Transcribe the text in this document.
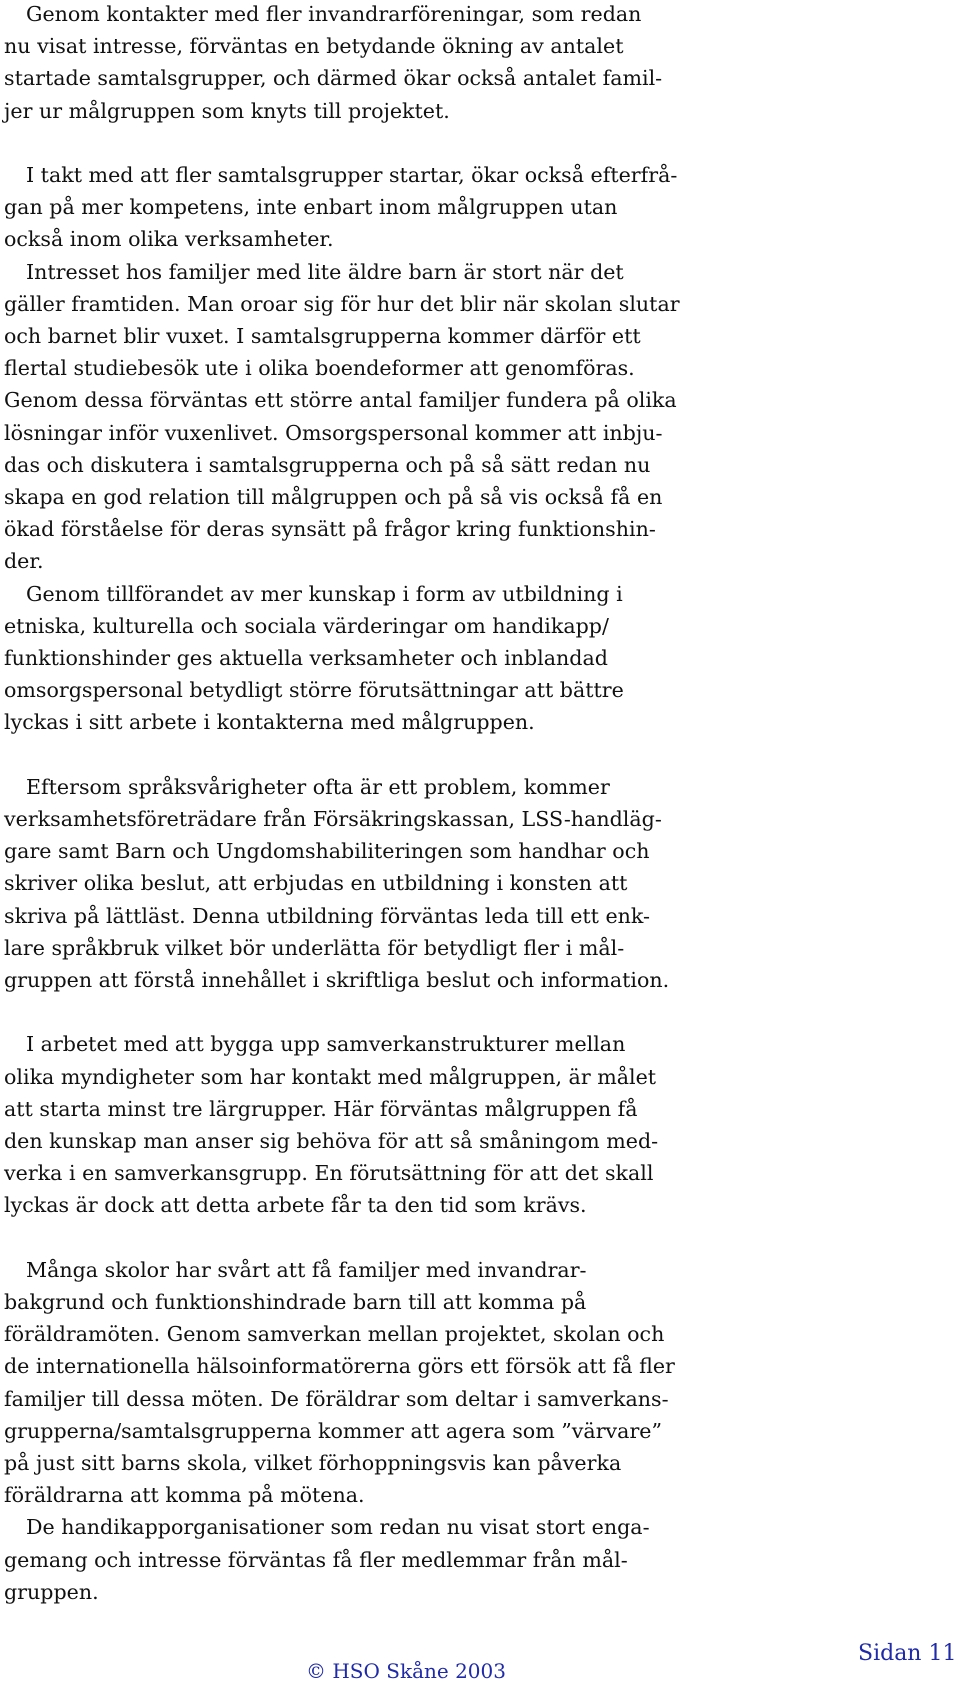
Genom kontakter med fler invandrarföreningar, som redan
nu visat intresse, förväntas en betydande ökning av antalet
startade samtalsgrupper, och därmed ökar också antalet famil-
jer ur målgruppen som knyts till projektet.

I takt med att fler samtalsgrupper startar, ökar också efterfrå-
gan på mer kompetens, inte enbart inom målgruppen utan
också inom olika verksamheter.

Intresset hos familjer med lite äldre barn är stort när det
gäller framtiden. Man oroar sig för hur det blir när skolan slutar
och barnet blir vuxet. I samtalsgrupperna kommer därför ett
flertal studiebesök ute i olika boendeformer att genomföras.
Genom dessa förväntas ett större antal familjer fundera på olika
lösningar inför vuxenlivet. Omsorgspersonal kommer att inbju-
das och diskutera i samtalsgrupperna och på så sätt redan nu
skapa en god relation till målgruppen och på så vis också få en
ökad förståelse för deras synsätt på frågor kring funktionshin-
der.

Genom tillförandet av mer kunskap i form av utbildning i
etniska, kulturella och sociala värderingar om handikapp/
funktionshinder ges aktuella verksamheter och inblandad
omsorgspersonal betydligt större förutsättningar att bättre
lyckas i sitt arbete i kontakterna med målgruppen.

Eftersom språksvårigheter ofta är ett problem, kommer
verksamhetsföreträdare från Försäkringskassan, LSS-handläg-
gare samt Barn och Ungdomshabiliteringen som handhar och
skriver olika beslut, att erbjudas en utbildning i konsten att
skriva på lättläst. Denna utbildning förväntas leda till ett enk-
lare språkbruk vilket bör underlätta för betydligt fler i mål-
gruppen att förstå innehållet i skriftliga beslut och information.

I arbetet med att bygga upp samverkanstrukturer mellan
olika myndigheter som har kontakt med målgruppen, är målet
att starta minst tre lärgrupper. Här förväntas målgruppen få
den kunskap man anser sig behöva för att så småningom med-
verka i en samverkansgrupp. En förutsättning för att det skall
lyckas är dock att detta arbete får ta den tid som krävs.

Många skolor har svårt att få familjer med invandrar-
bakgrund och funktionshindrade barn till att komma på
föräldramöten. Genom samverkan mellan projektet, skolan och
de internationella hälsoinformatörerna görs ett försök att få fler
familjer till dessa möten. De föräldrar som deltar i samverkans-
grupperna/samtalsgrupperna kommer att agera som ”värvare”
på just sitt barns skola, vilket förhoppningsvis kan påverka
föräldrarna att komma på mötena.

De handikapporganisationer som redan nu visat stort enga-
gemang och intresse förväntas få fler medlemmar från mål-
gruppen.

© HSO Skåne 2003
Sidan 11
